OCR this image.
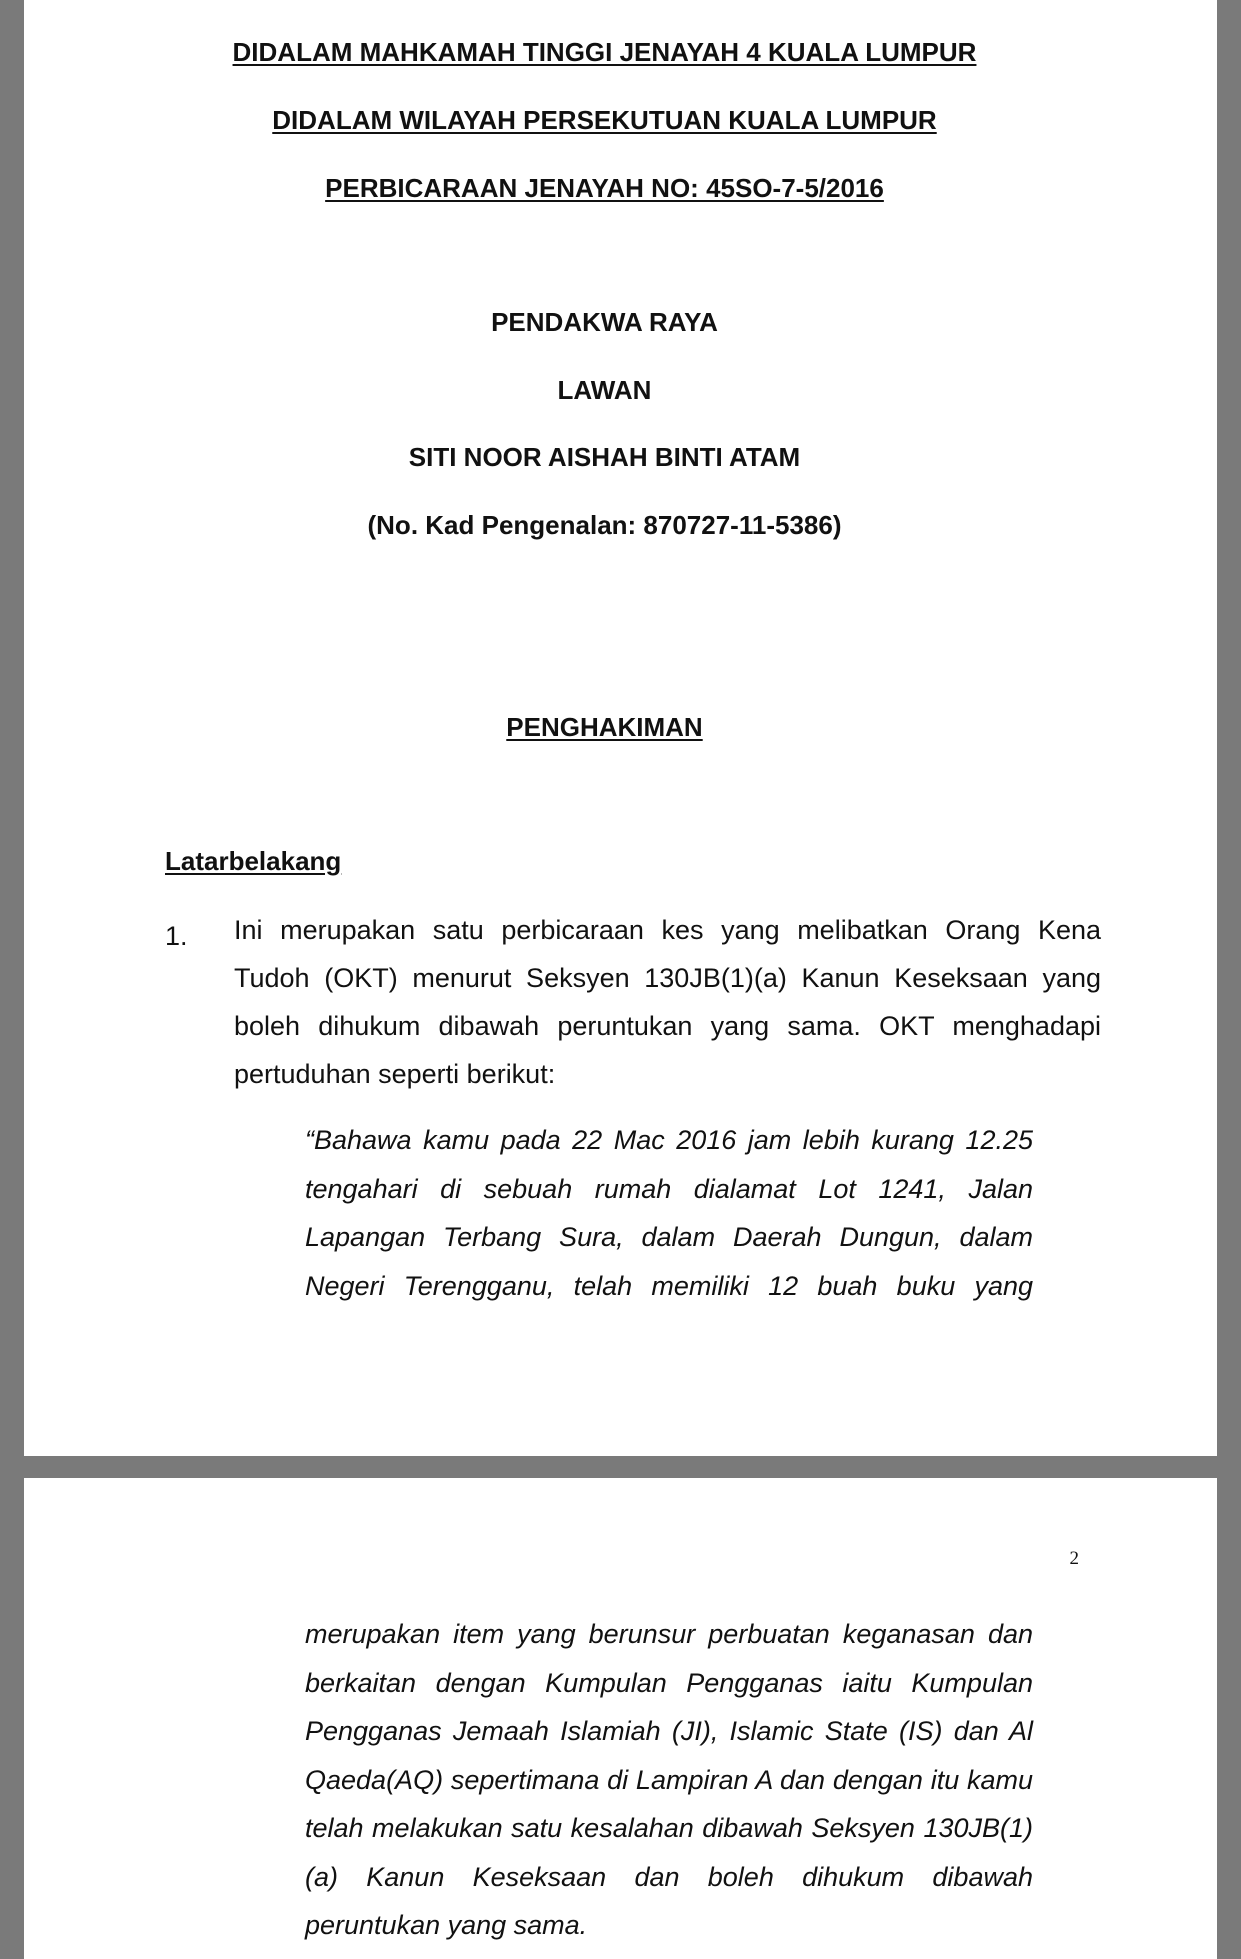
DIDALAM MAHKAMAH TINGGI JENAYAH 4 KUALA LUMPUR
DIDALAM WILAYAH PERSEKUTUAN KUALA LUMPUR
PERBICARAAN JENAYAH NO: 45SO-7-5/2016
PENDAKWA RAYA
LAWAN
SITI NOOR AISHAH BINTI ATAM
(No. Kad Pengenalan: 870727-11-5386)
PENGHAKIMAN
Latarbelakang
1. Ini merupakan satu perbicaraan kes yang melibatkan Orang Kena Tudoh (OKT) menurut Seksyen 130JB(1)(a) Kanun Keseksaan yang boleh dihukum dibawah peruntukan yang sama. OKT menghadapi pertuduhan seperti berikut:
“Bahawa kamu pada 22 Mac 2016 jam lebih kurang 12.25 tengahari di sebuah rumah dialamat Lot 1241, Jalan Lapangan Terbang Sura, dalam Daerah Dungun, dalam Negeri Terengganu, telah memiliki 12 buah buku yang
2
merupakan item yang berunsur perbuatan keganasan dan berkaitan dengan Kumpulan Pengganas iaitu Kumpulan Pengganas Jemaah Islamiah (JI), Islamic State (IS) dan Al Qaeda(AQ) sepertimana di Lampiran A dan dengan itu kamu telah melakukan satu kesalahan dibawah Seksyen 130JB(1)(a) Kanun Keseksaan dan boleh dihukum dibawah peruntukan yang sama.
